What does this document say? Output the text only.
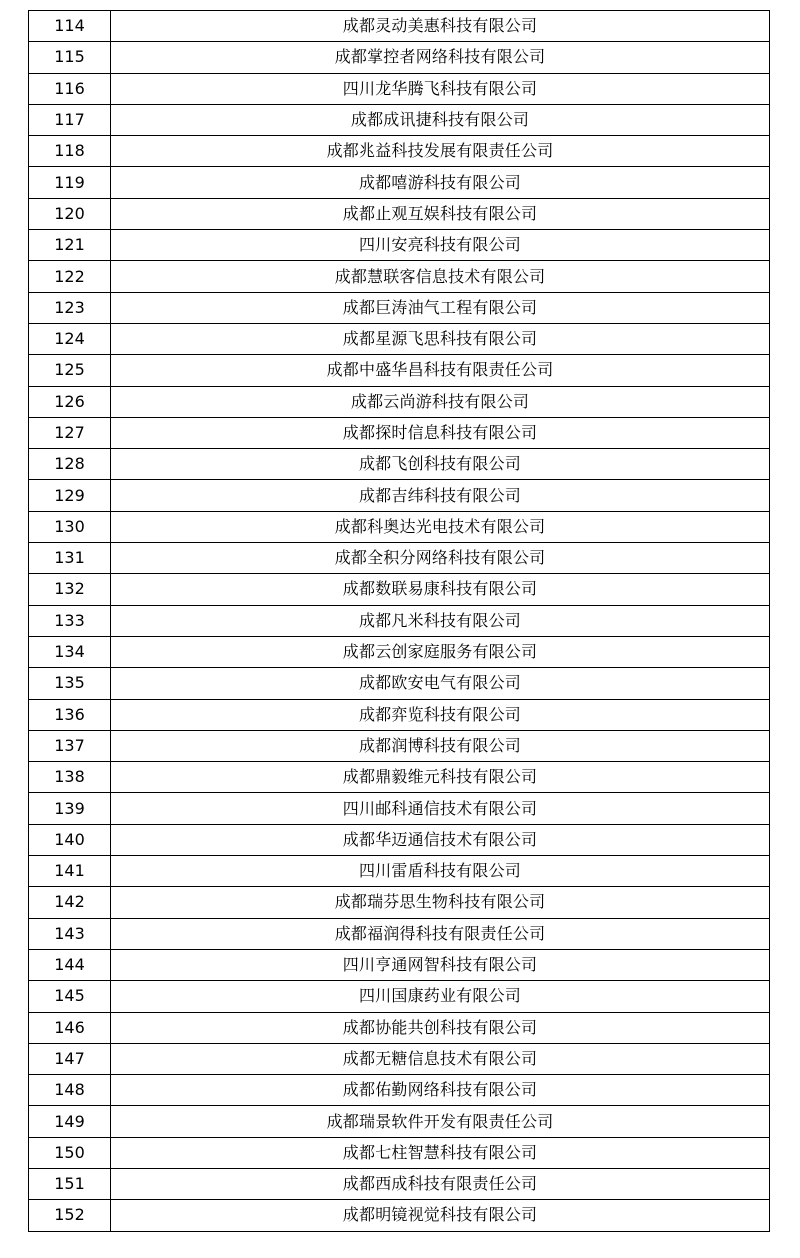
114	成都灵动美惠科技有限公司
115	成都掌控者网络科技有限公司
116	四川龙华腾飞科技有限公司
117	成都成讯捷科技有限公司
118	成都兆益科技发展有限责任公司
119	成都嘻游科技有限公司
120	成都止观互娱科技有限公司
121	四川安亮科技有限公司
122	成都慧联客信息技术有限公司
123	成都巨涛油气工程有限公司
124	成都星源飞思科技有限公司
125	成都中盛华昌科技有限责任公司
126	成都云尚游科技有限公司
127	成都探时信息科技有限公司
128	成都飞创科技有限公司
129	成都吉纬科技有限公司
130	成都科奥达光电技术有限公司
131	成都全积分网络科技有限公司
132	成都数联易康科技有限公司
133	成都凡米科技有限公司
134	成都云创家庭服务有限公司
135	成都欧安电气有限公司
136	成都弈览科技有限公司
137	成都润博科技有限公司
138	成都鼎毅维元科技有限公司
139	四川邮科通信技术有限公司
140	成都华迈通信技术有限公司
141	四川雷盾科技有限公司
142	成都瑞芬思生物科技有限公司
143	成都福润得科技有限责任公司
144	四川亨通网智科技有限公司
145	四川国康药业有限公司
146	成都协能共创科技有限公司
147	成都无糖信息技术有限公司
148	成都佑勤网络科技有限公司
149	成都瑞景软件开发有限责任公司
150	成都七柱智慧科技有限公司
151	成都西成科技有限责任公司
152	成都明镜视觉科技有限公司
